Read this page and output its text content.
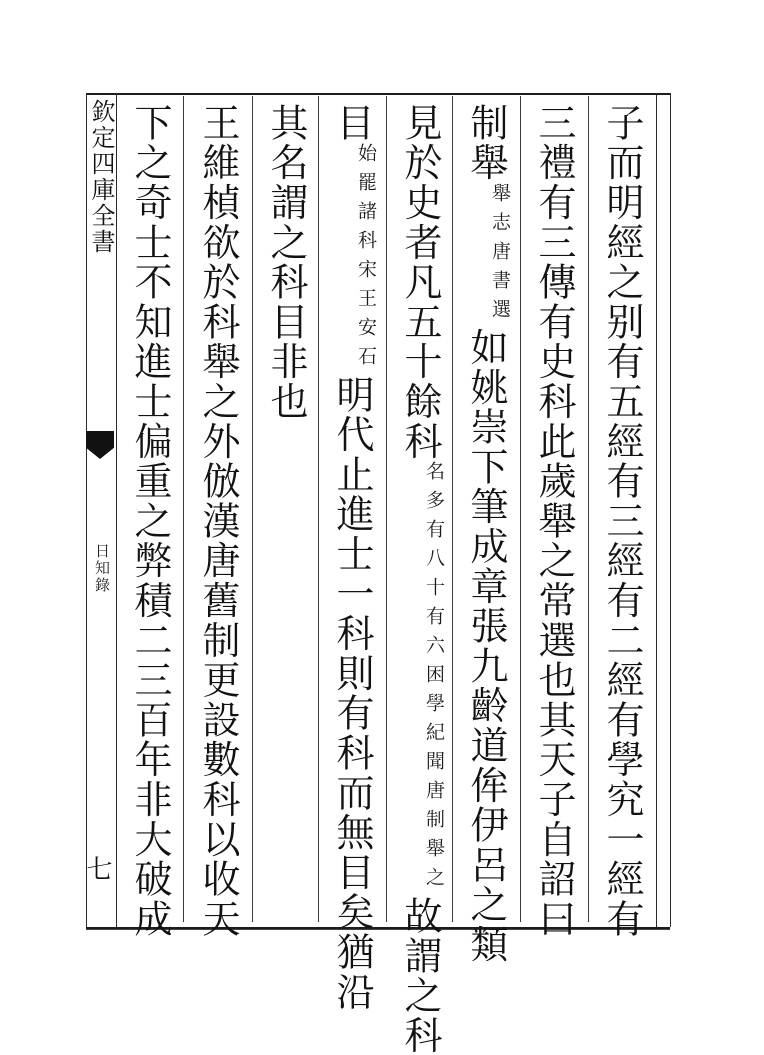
欽定四庫全書
日知錄
七	子而明經之别有五經有三經有二經有學究一經有
三禮有三傳有史科此歲舉之常選也其天子自詔曰
制舉
唐書選
舉志
如姚崇下筆成章張九齡道侔伊呂之類
見於史者凡五十餘科
困學紀聞唐制舉之
名多有八十有六
故謂之科
目
宋王安石
始罷諸科
明代止進士一科則有科而無目矣猶沿
其名謂之科目非也
王維楨欲於科舉之外倣漢唐舊制更設數科以收天
下之奇士不知進士偏重之弊積二三百年非大破成
